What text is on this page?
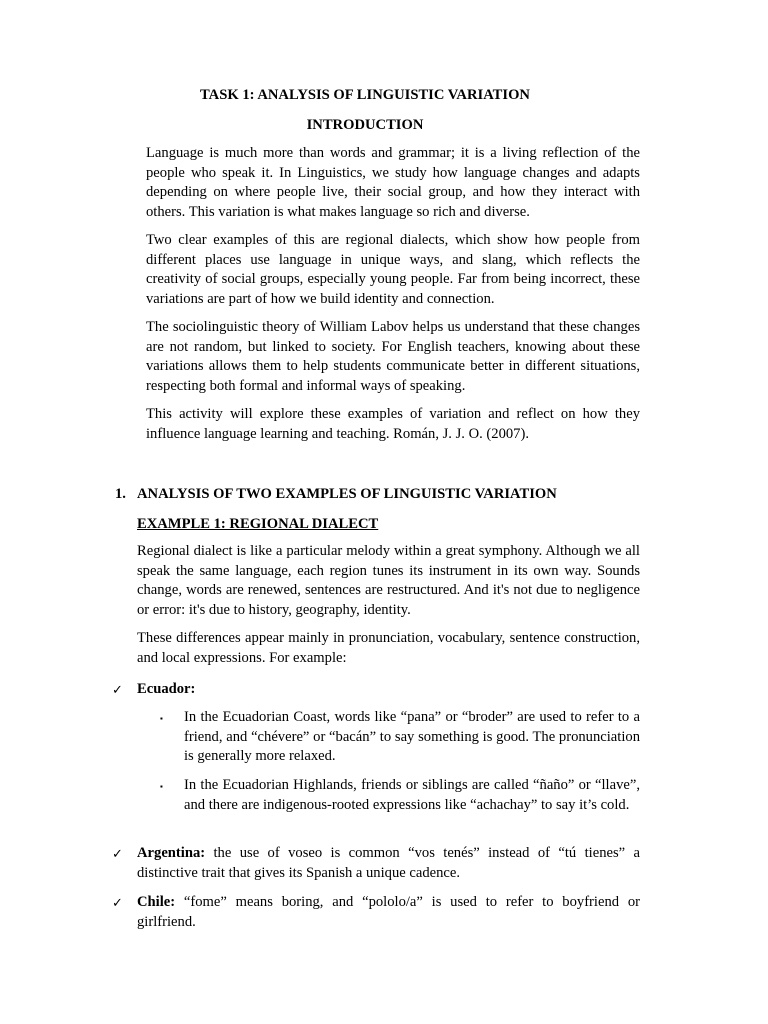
TASK 1: ANALYSIS OF LINGUISTIC VARIATION
INTRODUCTION

Language is much more than words and grammar; it is a living reflection of the people who speak it. In Linguistics, we study how language changes and adapts depending on where people live, their social group, and how they interact with others. This variation is what makes language so rich and diverse.

Two clear examples of this are regional dialects, which show how people from different places use language in unique ways, and slang, which reflects the creativity of social groups, especially young people. Far from being incorrect, these variations are part of how we build identity and connection.

The sociolinguistic theory of William Labov helps us understand that these changes are not random, but linked to society. For English teachers, knowing about these variations allows them to help students communicate better in different situations, respecting both formal and informal ways of speaking.

This activity will explore these examples of variation and reflect on how they influence language learning and teaching. Román, J. J. O. (2007).

1. ANALYSIS OF TWO EXAMPLES OF LINGUISTIC VARIATION
EXAMPLE 1: REGIONAL DIALECT

Regional dialect is like a particular melody within a great symphony. Although we all speak the same language, each region tunes its instrument in its own way. Sounds change, words are renewed, sentences are restructured. And it's not due to negligence or error: it's due to history, geography, identity.

These differences appear mainly in pronunciation, vocabulary, sentence construction, and local expressions. For example:

✓ Ecuador:

▪ In the Ecuadorian Coast, words like “pana” or “broder” are used to refer to a friend, and “chévere” or “bacán” to say something is good. The pronunciation is generally more relaxed.

▪ In the Ecuadorian Highlands, friends or siblings are called “ñaño” or “llave”, and there are indigenous-rooted expressions like “achachay” to say it’s cold.

✓ Argentina: the use of voseo is common “vos tenés” instead of “tú tienes” a distinctive trait that gives its Spanish a unique cadence.

✓ Chile: “fome” means boring, and “pololo/a” is used to refer to boyfriend or girlfriend.
